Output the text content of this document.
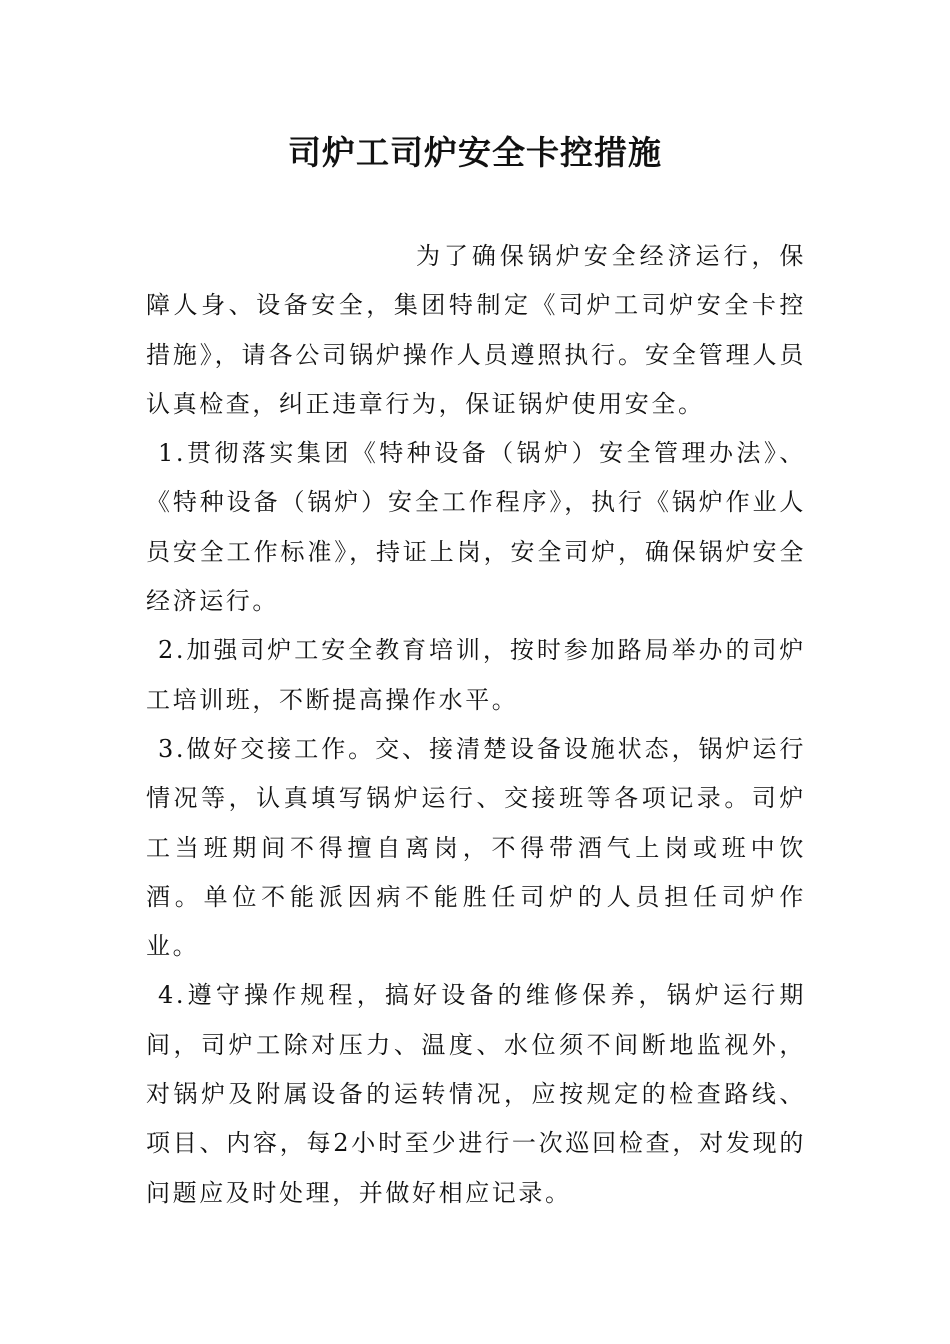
司炉工司炉安全卡控措施

为了确保锅炉安全经济运行，保障人身、设备安全，集团特制定《司炉工司炉安全卡控措施》，请各公司锅炉操作人员遵照执行。安全管理人员认真检查，纠正违章行为，保证锅炉使用安全。

1.贯彻落实集团《特种设备（锅炉）安全管理办法》、《特种设备（锅炉）安全工作程序》，执行《锅炉作业人员安全工作标准》，持证上岗，安全司炉，确保锅炉安全经济运行。

2.加强司炉工安全教育培训，按时参加路局举办的司炉工培训班，不断提高操作水平。

3.做好交接工作。交、接清楚设备设施状态，锅炉运行情况等，认真填写锅炉运行、交接班等各项记录。司炉工当班期间不得擅自离岗，不得带酒气上岗或班中饮酒。单位不能派因病不能胜任司炉的人员担任司炉作业。

4.遵守操作规程，搞好设备的维修保养，锅炉运行期间，司炉工除对压力、温度、水位须不间断地监视外，对锅炉及附属设备的运转情况，应按规定的检查路线、项目、内容，每2小时至少进行一次巡回检查，对发现的问题应及时处理，并做好相应记录。
